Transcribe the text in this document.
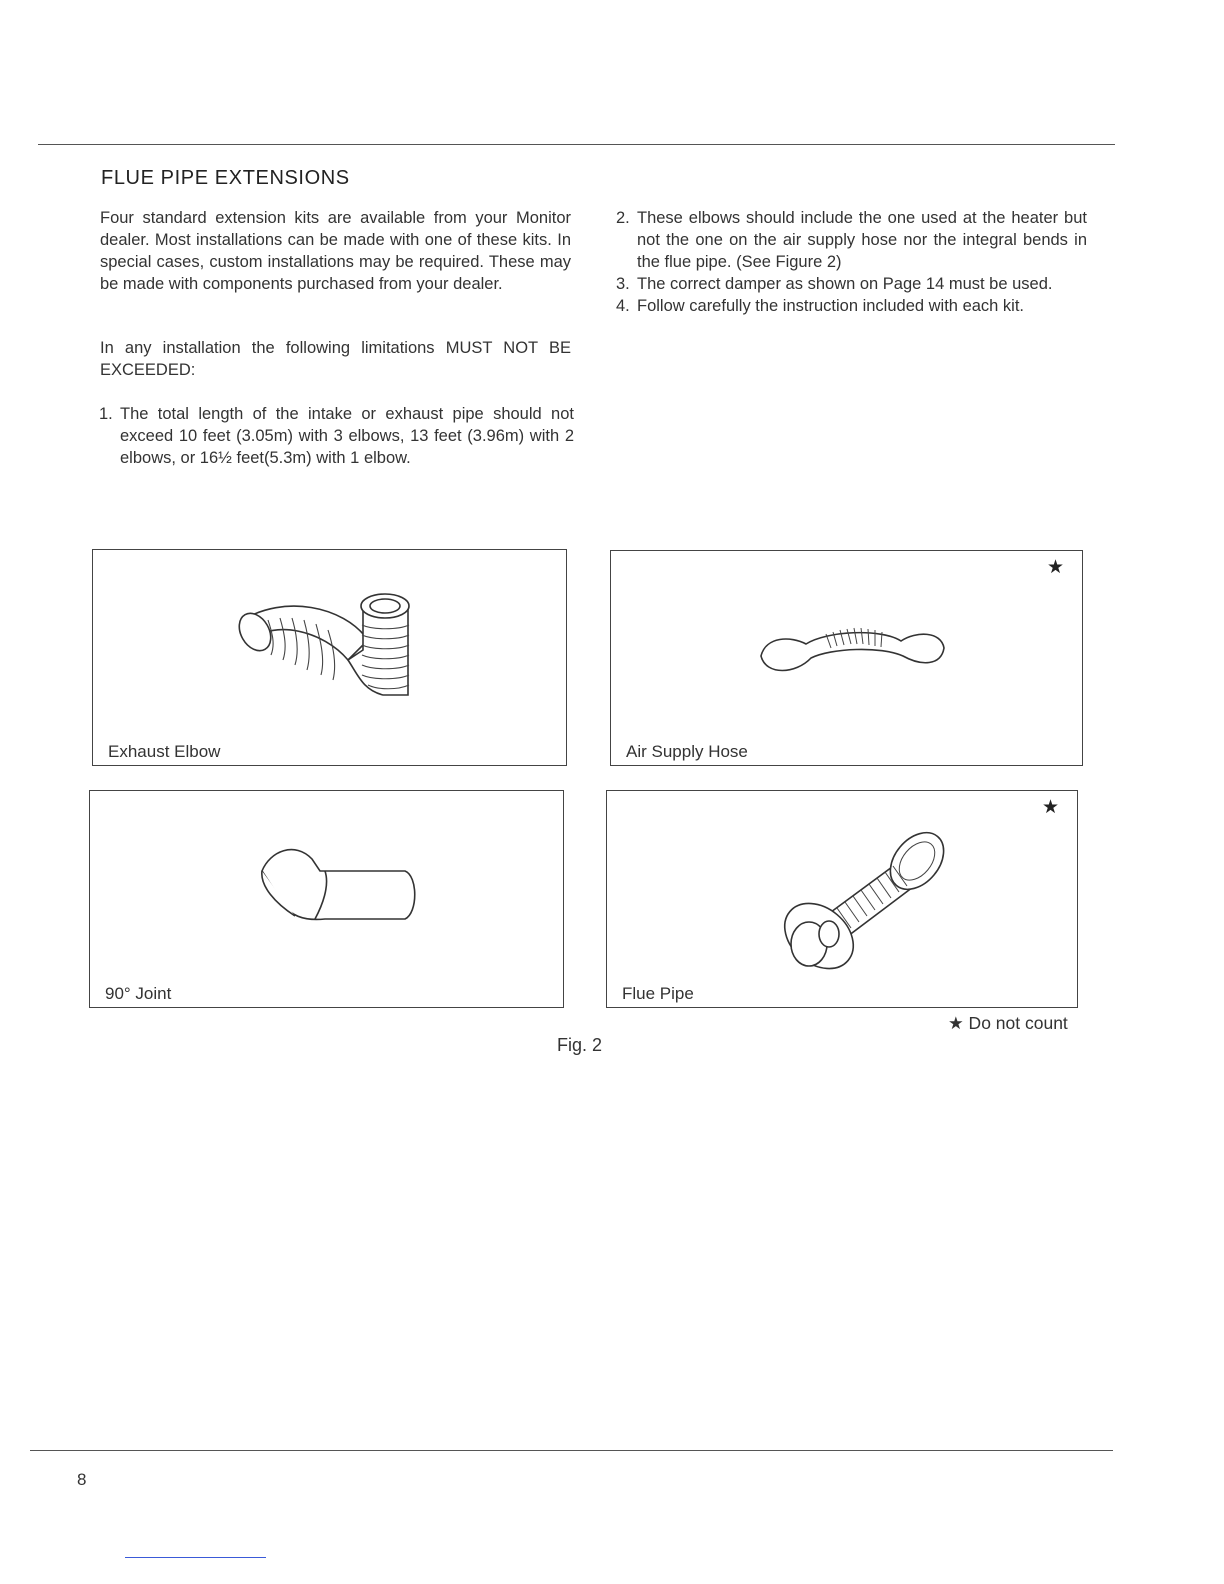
FLUE PIPE EXTENSIONS

Four standard extension kits are available from your Monitor dealer. Most installations can be made with one of these kits. In special cases, custom installations may be required. These may be made with components purchased from your dealer.

In any installation the following limitations MUST NOT BE EXCEEDED:

1. The total length of the intake or exhaust pipe should not exceed 10 feet (3.05m) with 3 elbows, 13 feet (3.96m) with 2 elbows, or 16½ feet(5.3m) with 1 elbow.
2. These elbows should include the one used at the heater but not the one on the air supply hose nor the integral bends in the flue pipe. (See Figure 2)
3. The correct damper as shown on Page 14 must be used.
4. Follow carefully the instruction included with each kit.
Exhaust Elbow
★
Air Supply Hose
90° Joint
★
Flue Pipe
★ Do not count
Fig. 2
8
